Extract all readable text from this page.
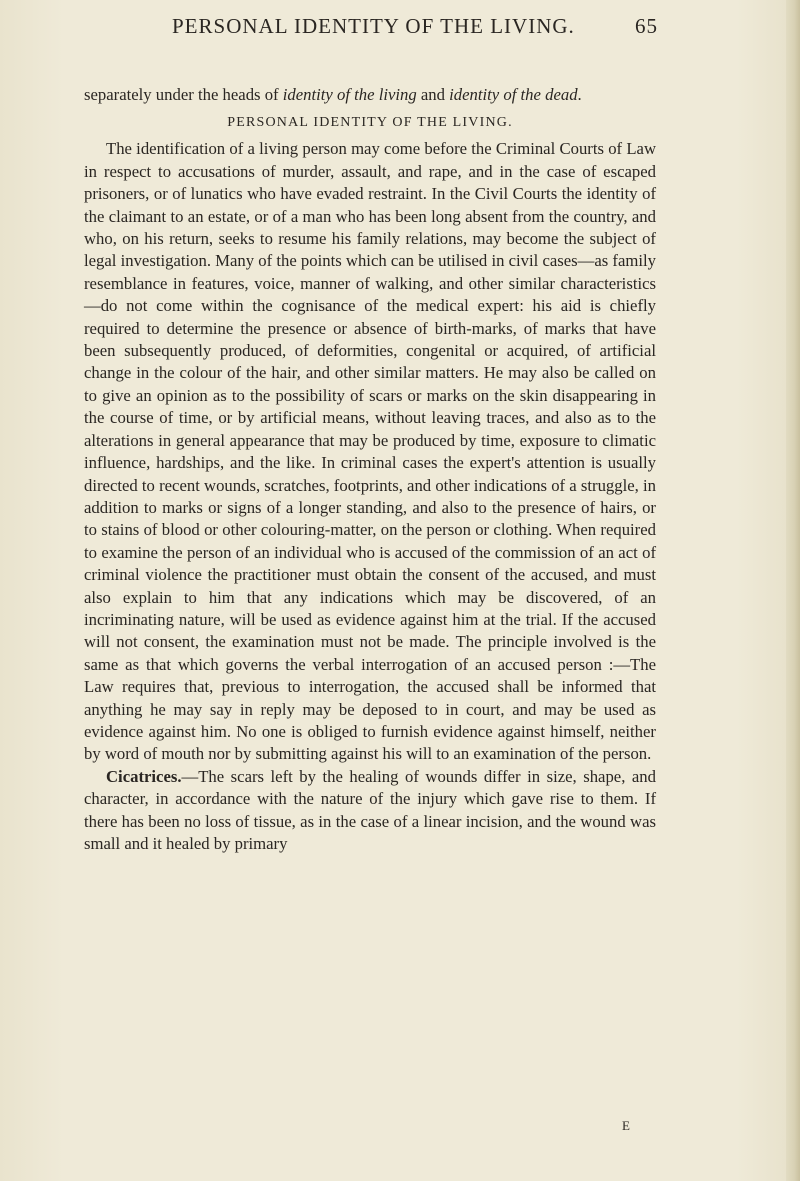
PERSONAL IDENTITY OF THE LIVING.	65

separately under the heads of identity of the living and identity of the dead.

PERSONAL IDENTITY OF THE LIVING.

The identification of a living person may come before the Criminal Courts of Law in respect to accusations of murder, assault, and rape, and in the case of escaped prisoners, or of lunatics who have evaded restraint. In the Civil Courts the identity of the claimant to an estate, or of a man who has been long absent from the country, and who, on his return, seeks to resume his family relations, may become the subject of legal investigation. Many of the points which can be utilised in civil cases—as family resemblance in features, voice, manner of walking, and other similar characteristics—do not come within the cognisance of the medical expert: his aid is chiefly required to determine the presence or absence of birth-marks, of marks that have been subsequently produced, of deformities, congenital or acquired, of artificial change in the colour of the hair, and other similar matters. He may also be called on to give an opinion as to the possibility of scars or marks on the skin disappearing in the course of time, or by artificial means, without leaving traces, and also as to the alterations in general appearance that may be produced by time, exposure to climatic influence, hardships, and the like. In criminal cases the expert's attention is usually directed to recent wounds, scratches, footprints, and other indications of a struggle, in addition to marks or signs of a longer standing, and also to the presence of hairs, or to stains of blood or other colouring-matter, on the person or clothing. When required to examine the person of an individual who is accused of the commission of an act of criminal violence the practitioner must obtain the consent of the accused, and must also explain to him that any indications which may be discovered, of an incriminating nature, will be used as evidence against him at the trial. If the accused will not consent, the examination must not be made. The principle involved is the same as that which governs the verbal interrogation of an accused person :—The Law requires that, previous to interrogation, the accused shall be informed that anything he may say in reply may be deposed to in court, and may be used as evidence against him. No one is obliged to furnish evidence against himself, neither by word of mouth nor by submitting against his will to an examination of the person.

Cicatrices.—The scars left by the healing of wounds differ in size, shape, and character, in accordance with the nature of the injury which gave rise to them. If there has been no loss of tissue, as in the case of a linear incision, and the wound was small and it healed by primary

E
